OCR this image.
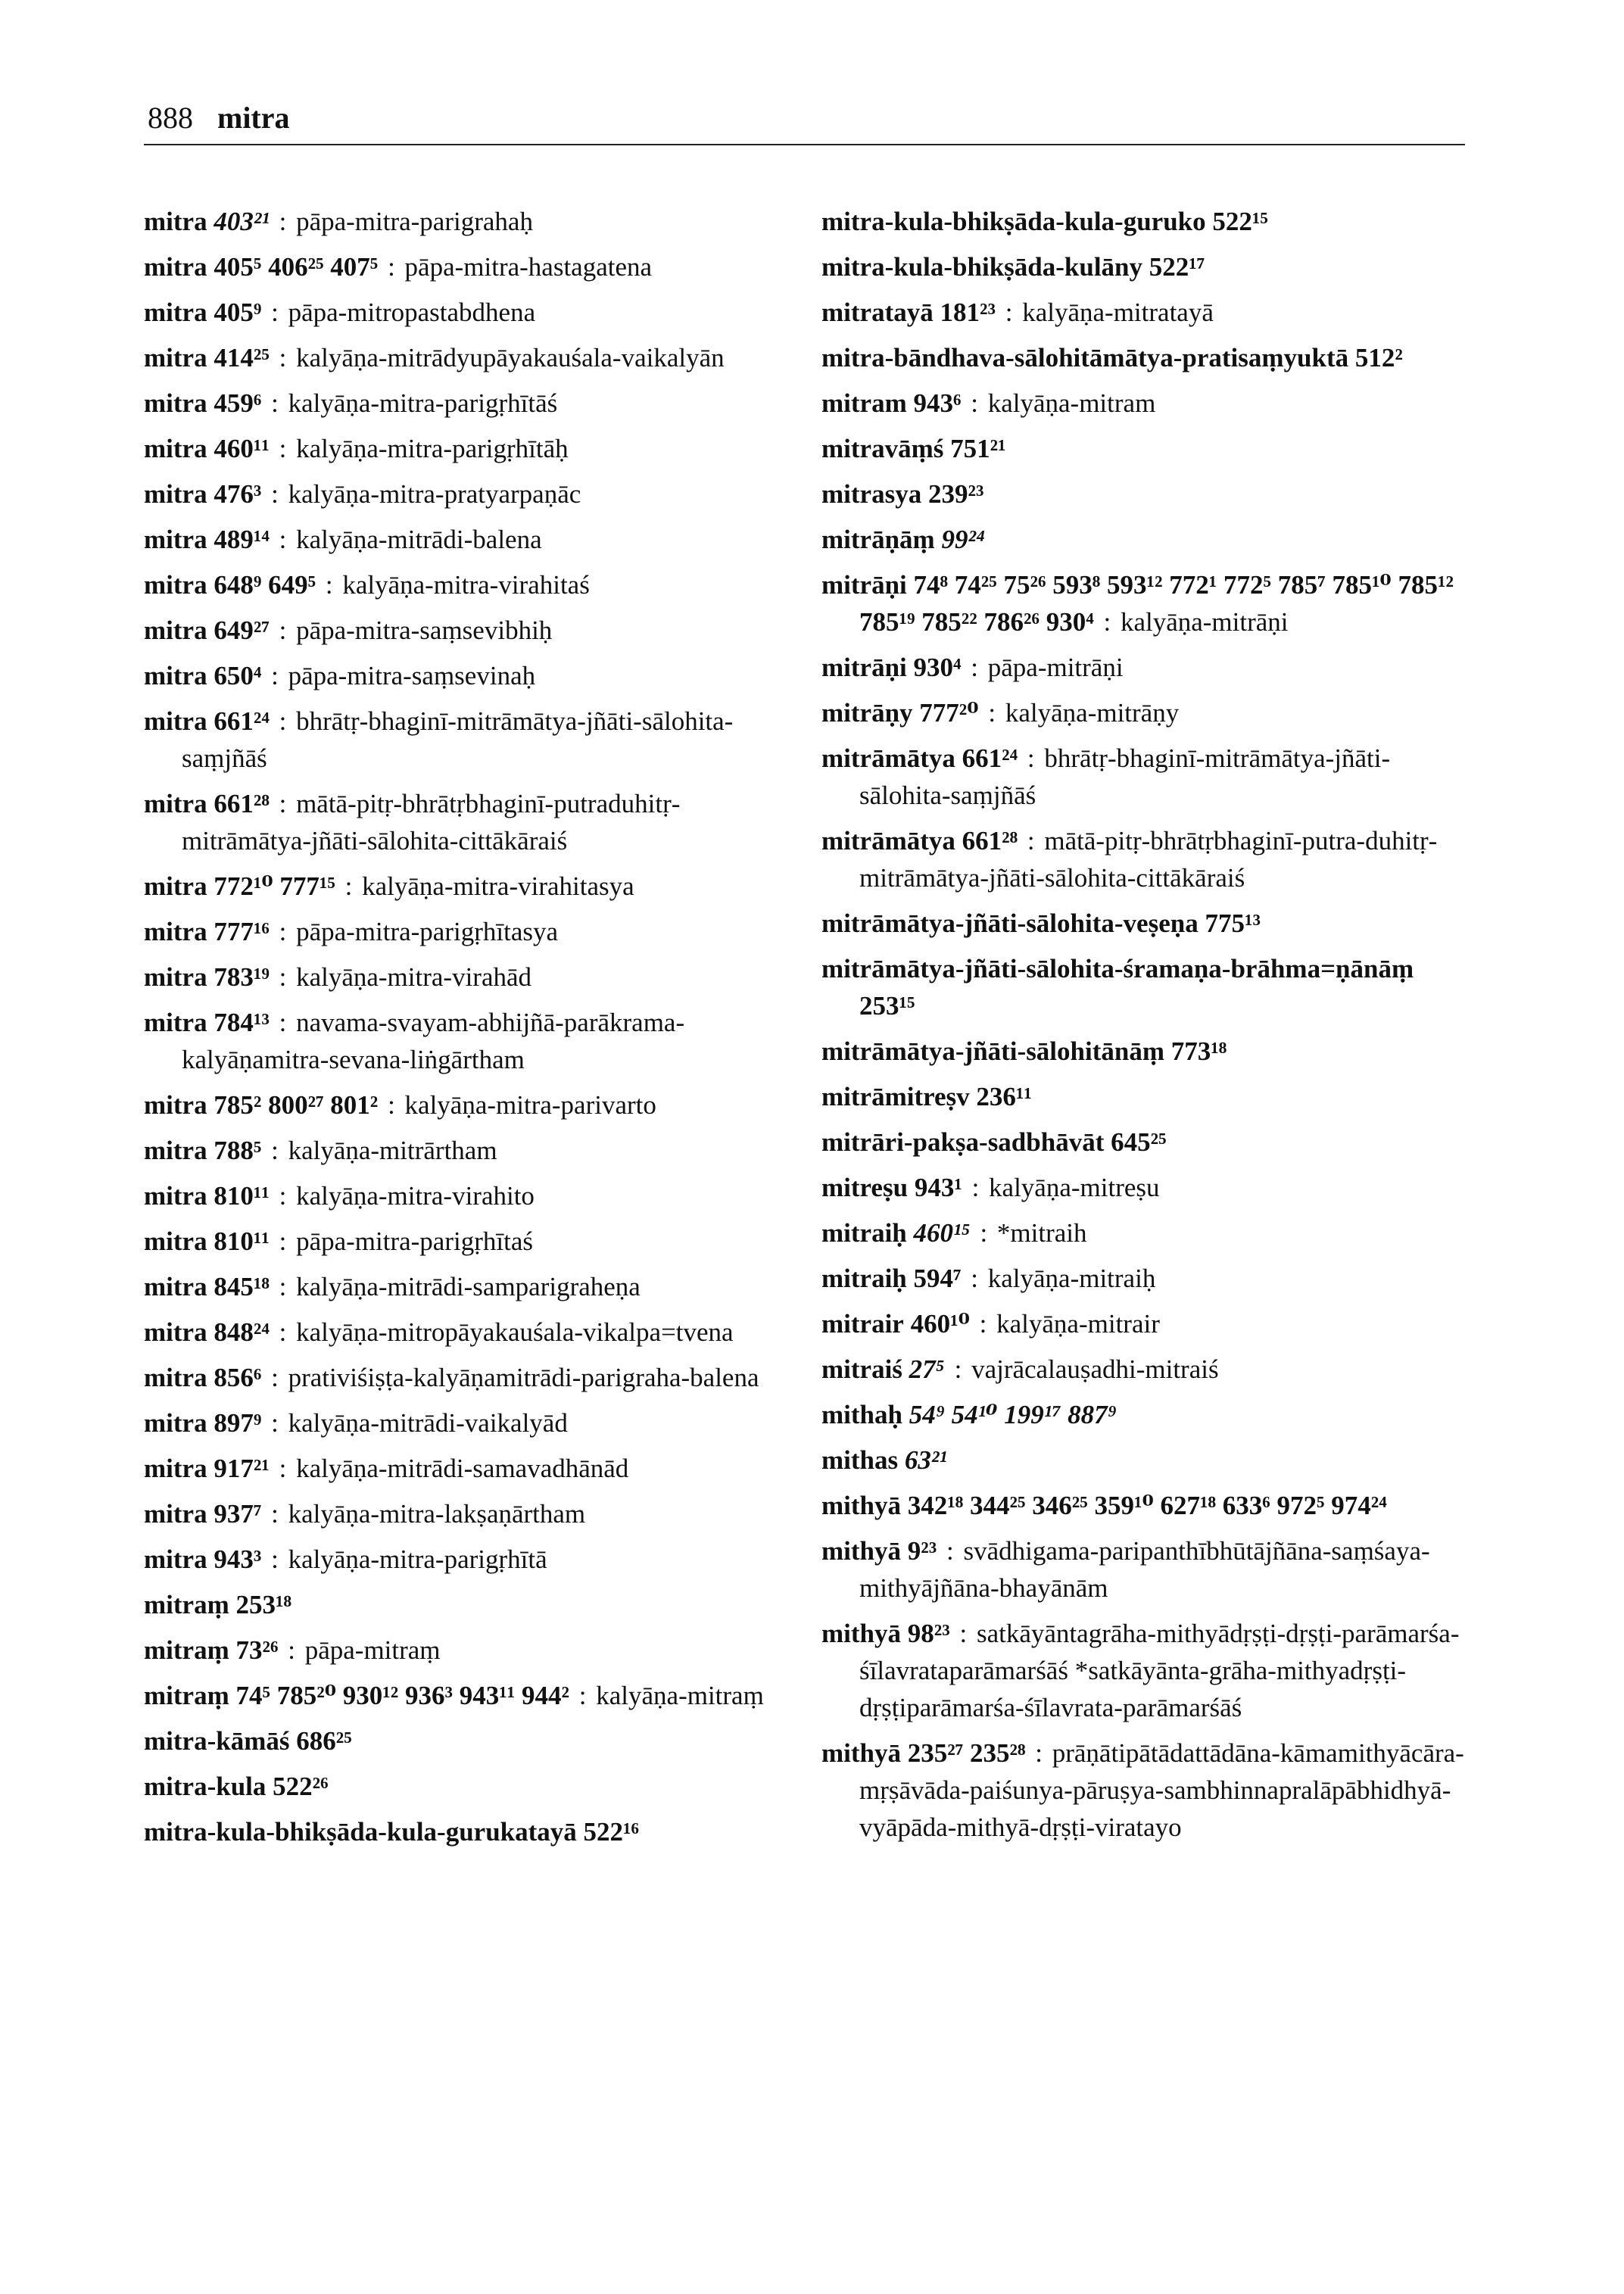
888 mitra
mitra 403²¹ : pāpa-mitra-parigrahaḥ
mitra 405⁵ 406²⁵ 407⁵ : pāpa-mitra-hastagatena
mitra 405⁹ : pāpa-mitropastabdhena
mitra 414²⁵ : kalyāṇa-mitrādyupāyakauśala-vaikalyān
mitra 459⁶ : kalyāṇa-mitra-parigṛhītāś
mitra 460¹¹ : kalyāṇa-mitra-parigṛhītāḥ
mitra 476³ : kalyāṇa-mitra-pratyarpaṇāc
mitra 489¹⁴ : kalyāṇa-mitrādi-balena
mitra 648⁹ 649⁵ : kalyāṇa-mitra-virahitaś
mitra 649²⁷ : pāpa-mitra-saṃsevibhiḥ
mitra 650⁴ : pāpa-mitra-saṃsevinaḥ
mitra 661²⁴ : bhrātṛ-bhaginī-mitrāmātya-jñāti-sālohita-saṃjñāś
mitra 661²⁸ : mātā-pitṛ-bhrātṛbhaginī-putraduhitṛ-mitrāmātya-jñāti-sālohita-cittākāraiś
mitra 772¹⁰ 777¹⁵ : kalyāṇa-mitra-virahitasya
mitra 777¹⁶ : pāpa-mitra-parigṛhītasya
mitra 783¹⁹ : kalyāṇa-mitra-virahād
mitra 784¹³ : navama-svayam-abhijñā-parākrama-kalyāṇamitra-sevana-liṅgārtham
mitra 785² 800²⁷ 801² : kalyāṇa-mitra-parivarto
mitra 788⁵ : kalyāṇa-mitrārtham
mitra 810¹¹ : kalyāṇa-mitra-virahito
mitra 810¹¹ : pāpa-mitra-parigṛhītaś
mitra 845¹⁸ : kalyāṇa-mitrādi-samparigraheṇa
mitra 848²⁴ : kalyāṇa-mitropāyakauśala-vikalpa=tvena
mitra 856⁶ : prativiśiṣṭa-kalyāṇamitrādi-parigraha-balena
mitra 897⁹ : kalyāṇa-mitrādi-vaikalyād
mitra 917²¹ : kalyāṇa-mitrādi-samavadhānād
mitra 937⁷ : kalyāṇa-mitra-lakṣaṇārtham
mitra 943³ : kalyāṇa-mitra-parigṛhītā
mitraṃ 253¹⁸
mitraṃ 73²⁶ : pāpa-mitraṃ
mitraṃ 74⁵ 785²⁰ 930¹² 936³ 943¹¹ 944² : kalyāṇa-mitraṃ
mitra-kāmāś 686²⁵
mitra-kula 522²⁶
mitra-kula-bhikṣāda-kula-gurukatayā 522¹⁶
mitra-kula-bhikṣāda-kula-guruko 522¹⁵
mitra-kula-bhikṣāda-kulāny 522¹⁷
mitratayā 181²³ : kalyāṇa-mitratayā
mitra-bāndhava-sālohitāmātya-pratisaṃyuktā 512²
mitram 943⁶ : kalyāṇa-mitram
mitravāṃś 751²¹
mitrasya 239²³
mitrāṇāṃ 99²⁴
mitrāṇi 74⁸ 74²⁵ 75²⁶ 593⁸ 593¹² 772¹ 772⁵ 785⁷ 785¹⁰ 785¹² 785¹⁹ 785²² 786²⁶ 930⁴ : kalyāṇa-mitrāṇi
mitrāṇi 930⁴ : pāpa-mitrāṇi
mitrāṇy 777²⁰ : kalyāṇa-mitrāṇy
mitrāmātya 661²⁴ : bhrātṛ-bhaginī-mitrāmātya-jñāti-sālohita-saṃjñāś
mitrāmātya 661²⁸ : mātā-pitṛ-bhrātṛbhaginī-putra-duhitṛ-mitrāmātya-jñāti-sālohita-cittākāraiś
mitrāmātya-jñāti-sālohita-veṣeṇa 775¹³
mitrāmātya-jñāti-sālohita-śramaṇa-brāhma=ṇānāṃ 253¹⁵
mitrāmātya-jñāti-sālohitānāṃ 773¹⁸
mitrāmitreṣv 236¹¹
mitrāri-pakṣa-sadbhāvāt 645²⁵
mitreṣu 943¹ : kalyāṇa-mitreṣu
mitraiḥ 460¹⁵ : *mitraih
mitraiḥ 594⁷ : kalyāṇa-mitraiḥ
mitrair 460¹⁰ : kalyāṇa-mitrair
mitraiś 27⁵ : vajrācalauṣadhi-mitraiś
mithaḥ 54⁹ 54¹⁰ 199¹⁷ 887⁹
mithas 63²¹
mithyā 342¹⁸ 344²⁵ 346²⁵ 359¹⁰ 627¹⁸ 633⁶ 972⁵ 974²⁴
mithyā 9²³ : svādhigama-paripanthībhūtājñāna-saṃśaya-mithyājñāna-bhayānām
mithyā 98²³ : satkāyāntagrāha-mithyādṛṣṭi-dṛṣṭi-parāmarśa-śīlavrataparāmarśāś *satkāyānta-grāha-mithyadṛṣṭi-dṛṣṭiparāmarśa-śīlavrata-parāmarśāś
mithyā 235²⁷ 235²⁸ : prāṇātipātādattādāna-kāmamithyācāra-mṛṣāvāda-paiśunya-pāruṣya-sambhinnapralāpābhidhyā-vyāpāda-mithyā-dṛṣṭi-viratayo
